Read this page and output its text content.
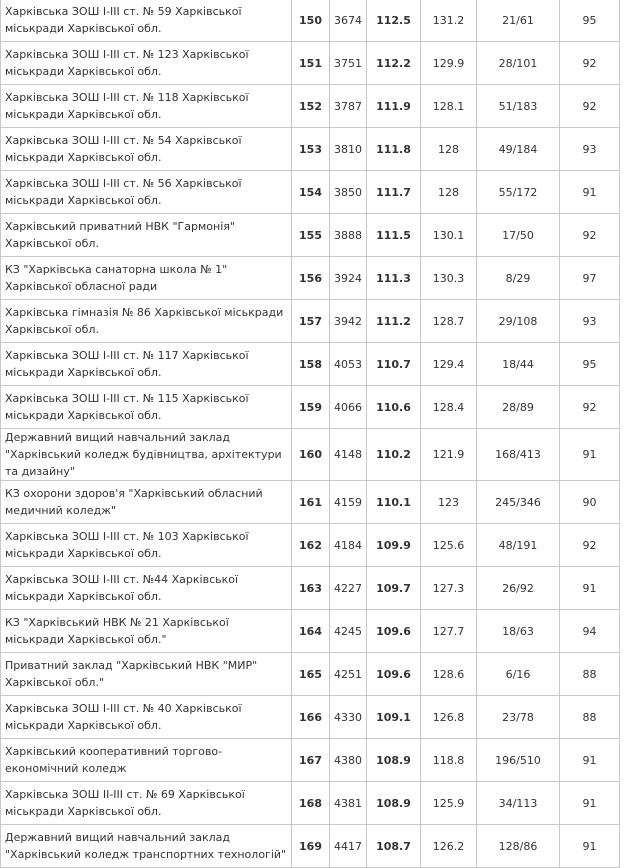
Харківська ЗОШ І-ІІІ ст. № 59 Харківської міськради Харківської обл.	150	3674	112.5	131.2	21/61	95
Харківська ЗОШ І-ІІІ ст. № 123 Харківської міськради Харківської обл.	151	3751	112.2	129.9	28/101	92
Харківська ЗОШ І-ІІІ ст. № 118 Харківської міськради Харківської обл.	152	3787	111.9	128.1	51/183	92
Харківська ЗОШ І-ІІІ ст. № 54 Харківської міськради Харківської обл.	153	3810	111.8	128	49/184	93
Харківська ЗОШ І-ІІІ ст. № 56 Харківської міськради Харківської обл.	154	3850	111.7	128	55/172	91
Харківський приватний НВК "Гармонія" Харківської обл.	155	3888	111.5	130.1	17/50	92
КЗ "Харківська санаторна школа № 1" Харківської обласної ради	156	3924	111.3	130.3	8/29	97
Харківська гімназія № 86 Харківської міськради Харківської обл.	157	3942	111.2	128.7	29/108	93
Харківська ЗОШ І-ІІІ ст. № 117 Харківської міськради Харківської обл.	158	4053	110.7	129.4	18/44	95
Харківська ЗОШ І-ІІІ ст. № 115 Харківської міськради Харківської обл.	159	4066	110.6	128.4	28/89	92
Державний вищий навчальний заклад "Харківський коледж будівництва, архітектури та дизайну"	160	4148	110.2	121.9	168/413	91
КЗ охорони здоров'я "Харківський обласний медичний коледж"	161	4159	110.1	123	245/346	90
Харківська ЗОШ І-ІІІ ст. № 103 Харківської міськради Харківської обл.	162	4184	109.9	125.6	48/191	92
Харківська ЗОШ І-ІІІ ст. №44 Харківської міськради Харківської обл.	163	4227	109.7	127.3	26/92	91
КЗ "Харківський НВК № 21 Харківської міськради Харківської обл."	164	4245	109.6	127.7	18/63	94
Приватний заклад "Харківський НВК "МИР" Харківської обл."	165	4251	109.6	128.6	6/16	88
Харківська ЗОШ І-ІІІ ст. № 40 Харківської міськради Харківської обл.	166	4330	109.1	126.8	23/78	88
Харківський кооперативний торгово-економічний коледж	167	4380	108.9	118.8	196/510	91
Харківська ЗОШ ІІ-ІІІ ст. № 69 Харківської міськради Харківської обл.	168	4381	108.9	125.9	34/113	91
Державний вищий навчальний заклад "Харківський коледж транспортних технологій"	169	4417	108.7	126.2	128/86	91
